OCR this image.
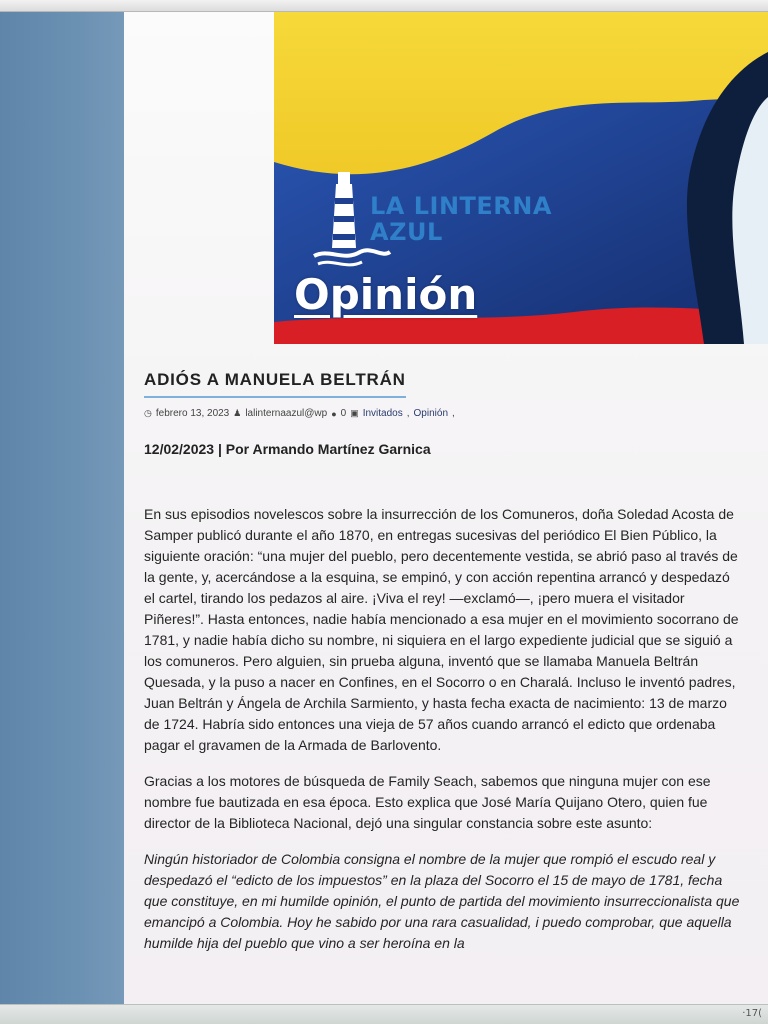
LA LINTERNA
AZUL
Opinión
ADIÓS A MANUELA BELTRÁN
◷ febrero 13, 2023 ♟ lalinternaazul@wp ● 0 ▣ Invitados , Opinión ,
12/02/2023 | Por Armando Martínez Garnica

En sus episodios novelescos sobre la insurrección de los Comuneros, doña Soledad Acosta de Samper publicó durante el año 1870, en entregas sucesivas del periódico El Bien Público, la siguiente oración: “una mujer del pueblo, pero decentemente vestida, se abrió paso al través de la gente, y, acercándose a la esquina, se empinó, y con acción repentina arrancó y despedazó el cartel, tirando los pedazos al aire. ¡Viva el rey! —exclamó—, ¡pero muera el visitador Piñeres!”. Hasta entonces, nadie había mencionado a esa mujer en el movimiento socorrano de 1781, y nadie había dicho su nombre, ni siquiera en el largo expediente judicial que se siguió a los comuneros. Pero alguien, sin prueba alguna, inventó que se llamaba Manuela Beltrán Quesada, y la puso a nacer en Confines, en el Socorro o en Charalá. Incluso le inventó padres, Juan Beltrán y Ángela de Archila Sarmiento, y hasta fecha exacta de nacimiento: 13 de marzo de 1724. Habría sido entonces una vieja de 57 años cuando arrancó el edicto que ordenaba pagar el gravamen de la Armada de Barlovento.

Gracias a los motores de búsqueda de Family Seach, sabemos que ninguna mujer con ese nombre fue bautizada en esa época. Esto explica que José María Quijano Otero, quien fue director de la Biblioteca Nacional, dejó una singular constancia sobre este asunto:

Ningún historiador de Colombia consigna el nombre de la mujer que rompió el escudo real y despedazó el “edicto de los impuestos” en la plaza del Socorro el 15 de mayo de 1781, fecha que constituye, en mi humilde opinión, el punto de partida del movimiento insurreccionalista que emancipó a Colombia. Hoy he sabido por una rara casualidad, i puedo comprobar, que aquella humilde hija del pueblo que vino a ser heroína en la

·17(
